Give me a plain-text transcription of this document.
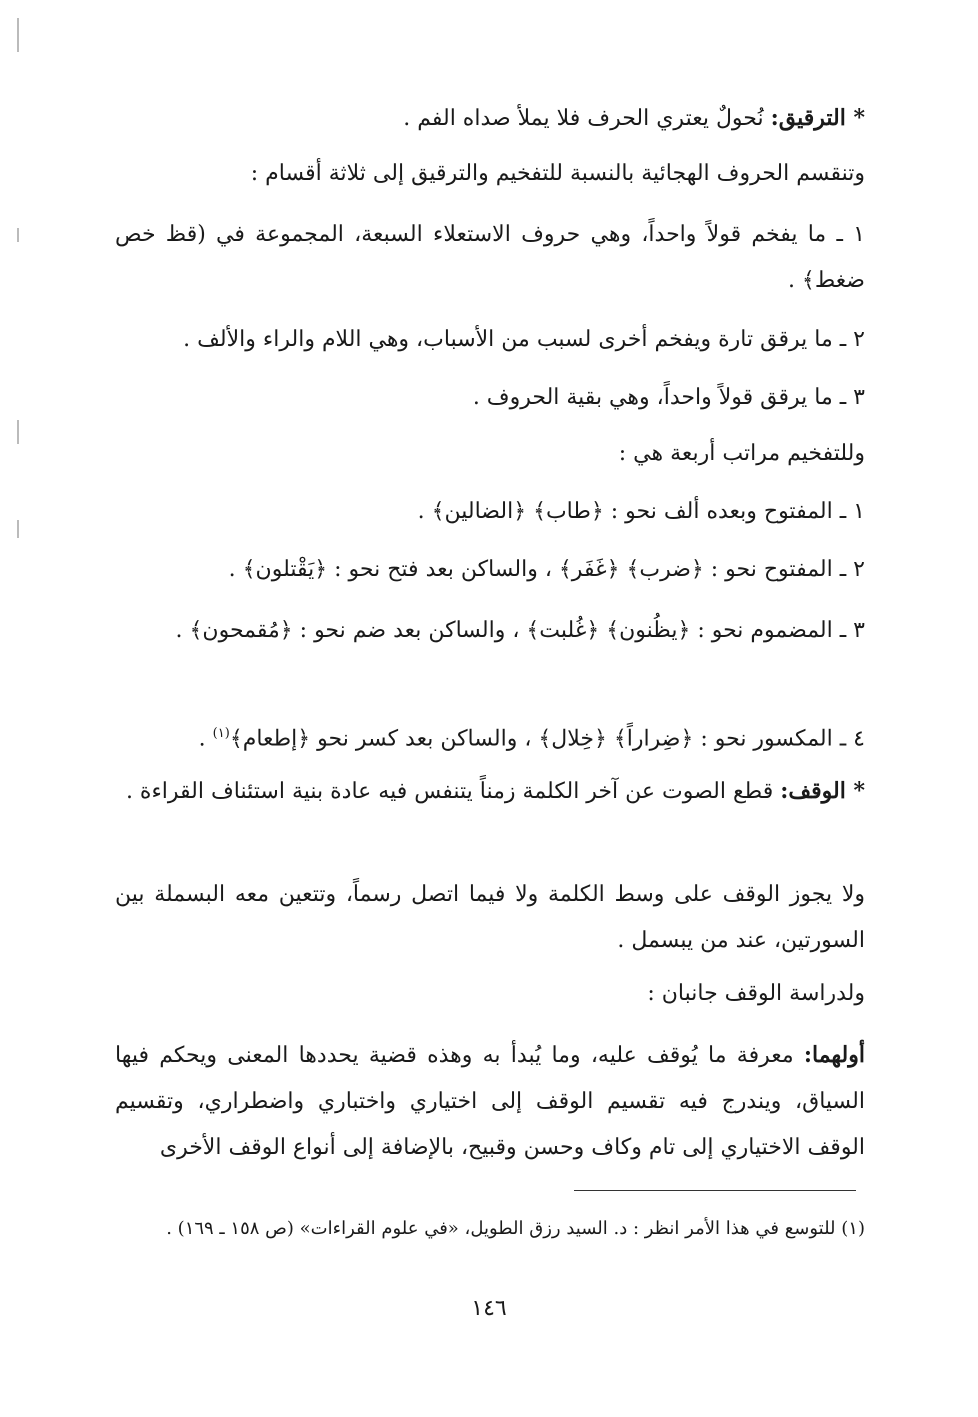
* الترقيق: نُحولٌ يعتري الحرف فلا يملأ صداه الفم .
وتنقسم الحروف الهجائية بالنسبة للتفخيم والترقيق إلى ثلاثة أقسام :
١ ـ ما يفخم قولاً واحداً، وهي حروف الاستعلاء السبعة، المجموعة في (قظ خص ضغط﴾ .
٢ ـ ما يرقق تارة ويفخم أخرى لسبب من الأسباب، وهي اللام والراء والألف .
٣ ـ ما يرقق قولاً واحداً، وهي بقية الحروف .
وللتفخيم مراتب أربعة هي :
١ ـ المفتوح وبعده ألف نحو : ﴿طاب﴾ ﴿الضالين﴾ .
٢ ـ المفتوح نحو : ﴿ضرب﴾ ﴿غَفَر﴾ ، والساكن بعد فتح نحو : ﴿يَقْتلون﴾ .
٣ ـ المضموم نحو : ﴿يظُنون﴾ ﴿غُلبت﴾ ، والساكن بعد ضم نحو : ﴿مُقمحون﴾ .
٤ ـ المكسور نحو : ﴿ضِراراً﴾ ﴿خِلال﴾ ، والساكن بعد كسر نحو ﴿إطعام﴾$^{(١)}$ .
* الوقف: قطع الصوت عن آخر الكلمة زمناً يتنفس فيه عادة بنية استئناف القراءة .
ولا يجوز الوقف على وسط الكلمة ولا فيما اتصل رسماً، وتتعين معه البسملة بين السورتين، عند من يبسمل .
ولدراسة الوقف جانبان :
أولهما: معرفة ما يُوقف عليه، وما يُبدأ به وهذه قضية يحددها المعنى ويحكم فيها السياق، ويندرج فيه تقسيم الوقف إلى اختياري واختباري واضطراري، وتقسيم الوقف الاختياري إلى تام وكاف وحسن وقبيح، بالإضافة إلى أنواع الوقف الأخرى
(١) للتوسع في هذا الأمر انظر : د. السيد رزق الطويل، «في علوم القراءات» (ص ١٥٨ ـ ١٦٩) .
١٤٦
